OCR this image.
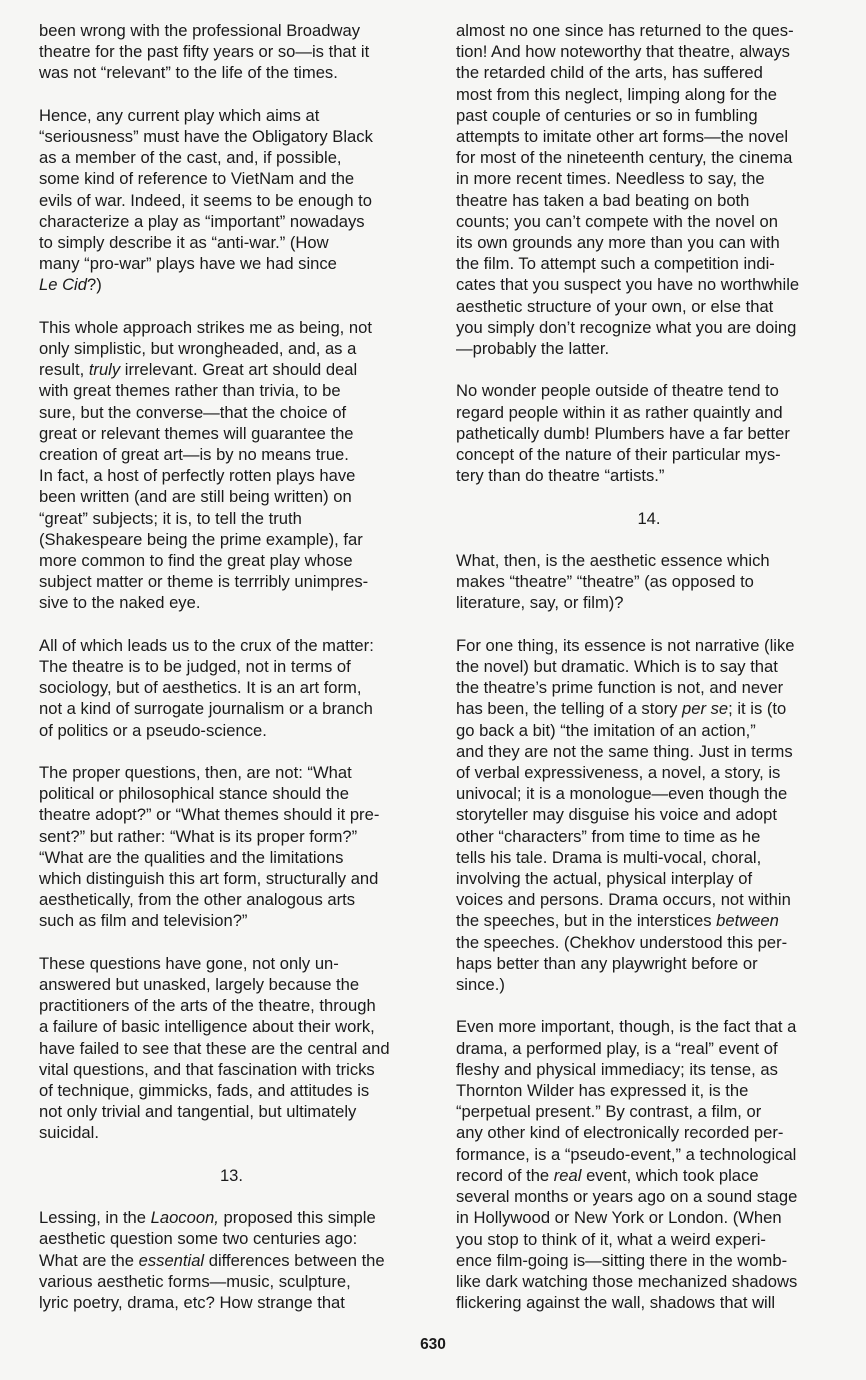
been wrong with the professional Broadway
theatre for the past fifty years or so—is that it
was not “relevant” to the life of the times.
Hence, any current play which aims at
“seriousness” must have the Obligatory Black
as a member of the cast, and, if possible,
some kind of reference to VietNam and the
evils of war. Indeed, it seems to be enough to
characterize a play as “important” nowadays
to simply describe it as “anti-war.” (How
many “pro-war” plays have we had since
Le Cid?)
This whole approach strikes me as being, not
only simplistic, but wrongheaded, and, as a
result, truly irrelevant. Great art should deal
with great themes rather than trivia, to be
sure, but the converse—that the choice of
great or relevant themes will guarantee the
creation of great art—is by no means true.
In fact, a host of perfectly rotten plays have
been written (and are still being written) on
“great” subjects; it is, to tell the truth
(Shakespeare being the prime example), far
more common to find the great play whose
subject matter or theme is terrribly unimpres-
sive to the naked eye.
All of which leads us to the crux of the matter:
The theatre is to be judged, not in terms of
sociology, but of aesthetics. It is an art form,
not a kind of surrogate journalism or a branch
of politics or a pseudo-science.
The proper questions, then, are not: “What
political or philosophical stance should the
theatre adopt?” or “What themes should it pre-
sent?” but rather: “What is its proper form?”
“What are the qualities and the limitations
which distinguish this art form, structurally and
aesthetically, from the other analogous arts
such as film and television?”
These questions have gone, not only un-
answered but unasked, largely because the
practitioners of the arts of the theatre, through
a failure of basic intelligence about their work,
have failed to see that these are the central and
vital questions, and that fascination with tricks
of technique, gimmicks, fads, and attitudes is
not only trivial and tangential, but ultimately
suicidal.
13.
Lessing, in the Laocoon, proposed this simple
aesthetic question some two centuries ago:
What are the essential differences between the
various aesthetic forms—music, sculpture,
lyric poetry, drama, etc? How strange that
almost no one since has returned to the ques-
tion! And how noteworthy that theatre, always
the retarded child of the arts, has suffered
most from this neglect, limping along for the
past couple of centuries or so in fumbling
attempts to imitate other art forms—the novel
for most of the nineteenth century, the cinema
in more recent times. Needless to say, the
theatre has taken a bad beating on both
counts; you can’t compete with the novel on
its own grounds any more than you can with
the film. To attempt such a competition indi-
cates that you suspect you have no worthwhile
aesthetic structure of your own, or else that
you simply don’t recognize what you are doing
—probably the latter.
No wonder people outside of theatre tend to
regard people within it as rather quaintly and
pathetically dumb! Plumbers have a far better
concept of the nature of their particular mys-
tery than do theatre “artists.”
14.
What, then, is the aesthetic essence which
makes “theatre” “theatre” (as opposed to
literature, say, or film)?
For one thing, its essence is not narrative (like
the novel) but dramatic. Which is to say that
the theatre’s prime function is not, and never
has been, the telling of a story per se; it is (to
go back a bit) “the imitation of an action,”
and they are not the same thing. Just in terms
of verbal expressiveness, a novel, a story, is
univocal; it is a monologue—even though the
storyteller may disguise his voice and adopt
other “characters” from time to time as he
tells his tale. Drama is multi-vocal, choral,
involving the actual, physical interplay of
voices and persons. Drama occurs, not within
the speeches, but in the interstices between
the speeches. (Chekhov understood this per-
haps better than any playwright before or
since.)
Even more important, though, is the fact that a
drama, a performed play, is a “real” event of
fleshy and physical immediacy; its tense, as
Thornton Wilder has expressed it, is the
“perpetual present.” By contrast, a film, or
any other kind of electronically recorded per-
formance, is a “pseudo-event,” a technological
record of the real event, which took place
several months or years ago on a sound stage
in Hollywood or New York or London. (When
you stop to think of it, what a weird experi-
ence film-going is—sitting there in the womb-
like dark watching those mechanized shadows
flickering against the wall, shadows that will
630
